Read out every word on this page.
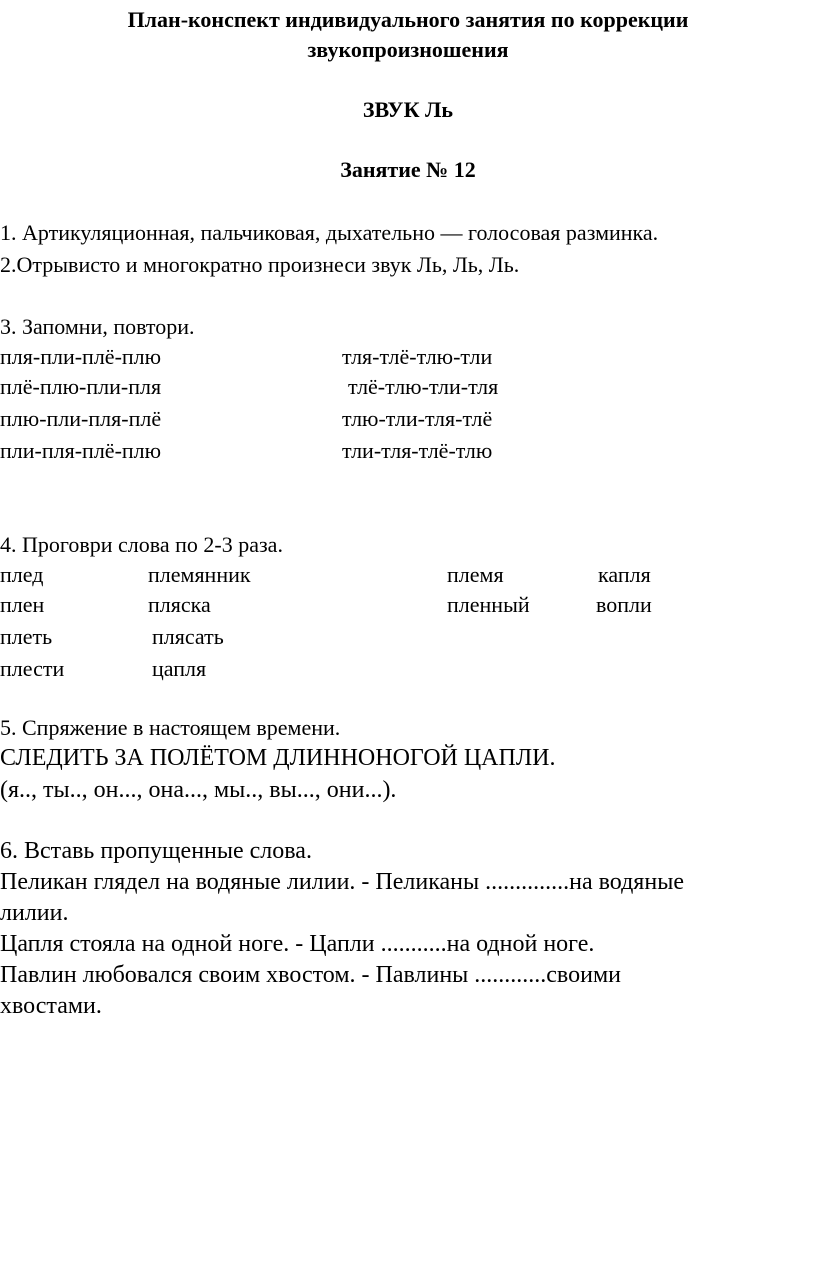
План-конспект индивидуального занятия по коррекции
звукопроизношения
ЗВУК Ль
Занятие № 12
1. Артикуляционная, пальчиковая, дыхательно — голосовая разминка.
2.Отрывисто и многократно произнеси звук Ль, Ль, Ль.
3. Запомни, повтори.
пля-пли-плё-плю	тля-тлё-тлю-тли
плё-плю-пли-пля	тлё-тлю-тли-тля
плю-пли-пля-плё	тлю-тли-тля-тлё
пли-пля-плё-плю	тли-тля-тлё-тлю
4. Проговри слова по 2-3 раза.
плед	племянник	племя	капля
плен	пляска	пленный	вопли
плеть	плясать
плести	цапля
5. Спряжение в настоящем времени.
СЛЕДИТЬ ЗА ПОЛЁТОМ ДЛИННОНОГОЙ ЦАПЛИ.
(я.., ты.., он..., она..., мы.., вы..., они...).
6. Вставь пропущенные слова.
Пеликан глядел на водяные лилии. - Пеликаны ..............на водяные
лилии.
Цапля стояла на одной ноге. - Цапли ...........на одной ноге.
Павлин любовался своим хвостом. - Павлины ............своими
хвостами.
